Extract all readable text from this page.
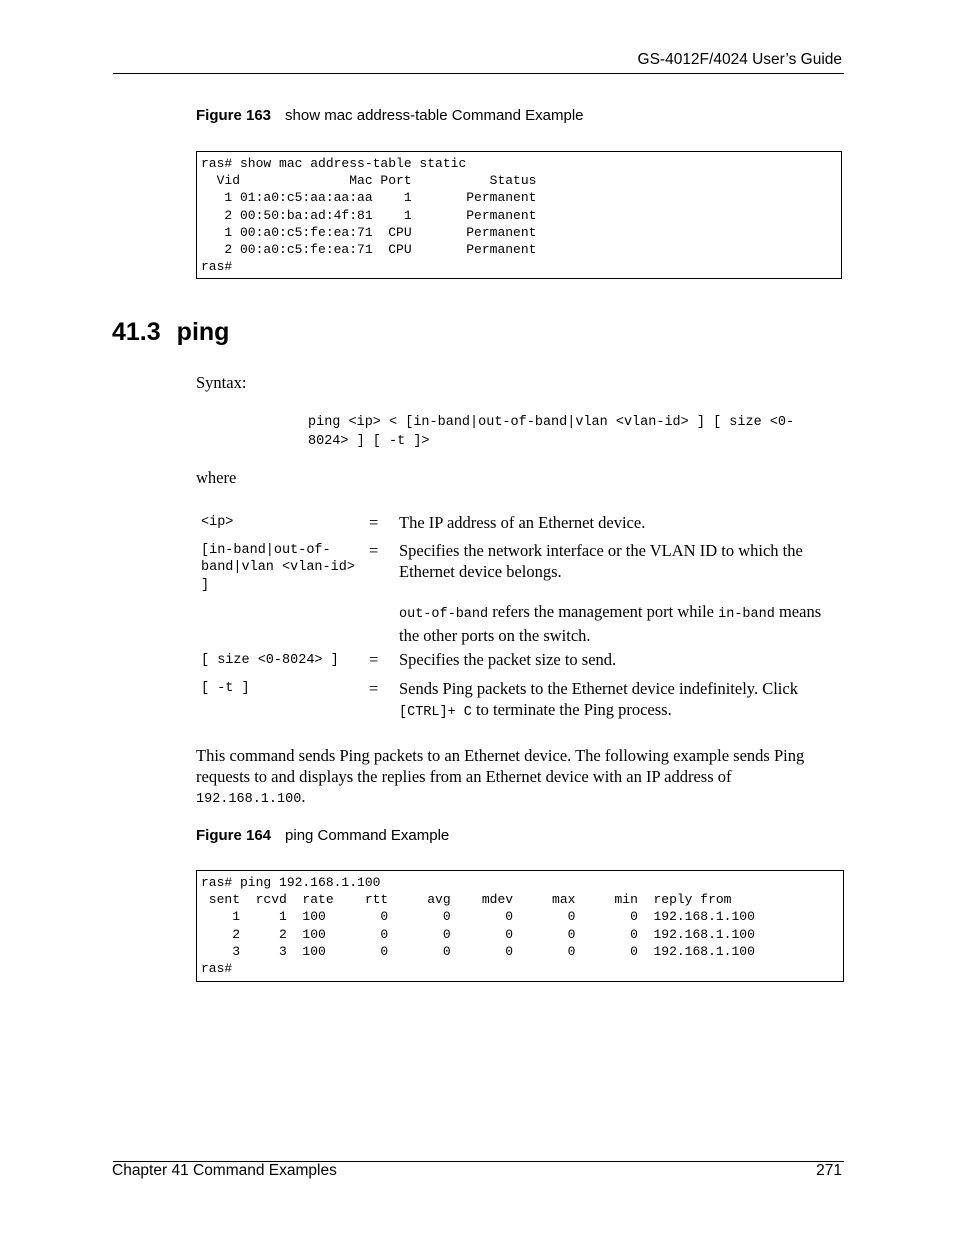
GS-4012F/4024 User’s Guide
Figure 163 show mac address-table Command Example
ras# show mac address-table static
Vid              Mac Port          Status
1 01:a0:c5:aa:aa:aa    1       Permanent
2 00:50:ba:ad:4f:81    1       Permanent
1 00:a0:c5:fe:ea:71  CPU       Permanent
2 00:a0:c5:fe:ea:71  CPU       Permanent
ras#
41.3 ping
Syntax:
ping <ip> < [in-band|out-of-band|vlan <vlan-id> ] [ size <0-
8024> ] [ -t ]>
where
<ip>	= The IP address of an Ethernet device.
[in-band|out-of-
band|vlan <vlan-id>
]
= Specifies the network interface or the VLAN ID to which the Ethernet device belongs.
out-of-band refers the management port while in-band means the other ports on the switch.
[ size <0-8024> ] = Specifies the packet size to send.
[ -t ]	= Sends Ping packets to the Ethernet device indefinitely. Click [CTRL]+ C to terminate the Ping process.
This command sends Ping packets to an Ethernet device. The following example sends Ping requests to and displays the replies from an Ethernet device with an IP address of 192.168.1.100.
Figure 164 ping Command Example
ras# ping 192.168.1.100
sent  rcvd  rate    rtt     avg    mdev     max     min  reply from
1     1  100       0       0       0       0       0  192.168.1.100
2     2  100       0       0       0       0       0  192.168.1.100
3     3  100       0       0       0       0       0  192.168.1.100
ras#
Chapter 41 Command Examples	271
